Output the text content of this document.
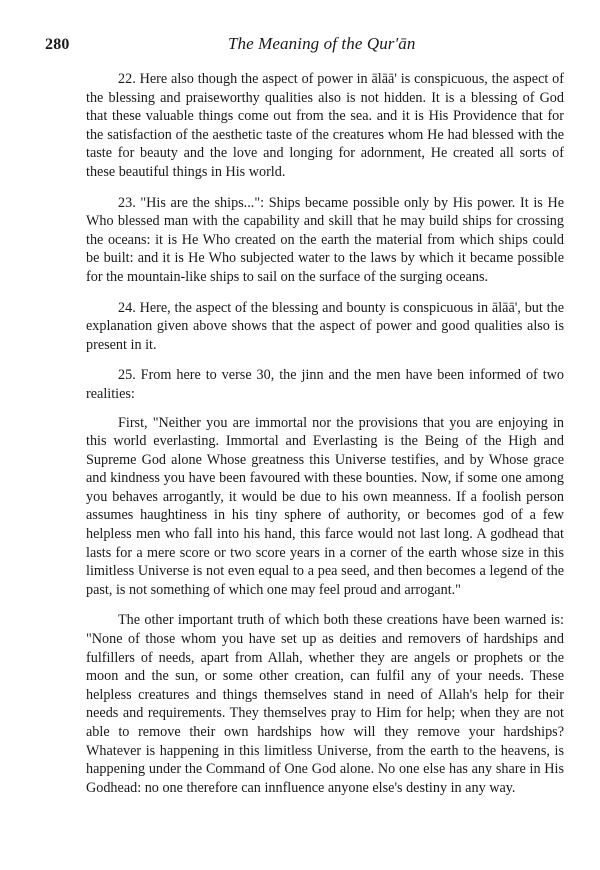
280	The Meaning of the Qur'ān

22. Here also though the aspect of power in ālāā' is conspicuous, the aspect of the blessing and praiseworthy qualities also is not hidden. It is a blessing of God that these valuable things come out from the sea. and it is His Providence that for the satisfaction of the aesthetic taste of the creatures whom He had blessed with the taste for beauty and the love and longing for adornment, He created all sorts of these beautiful things in His world.

23. "His are the ships...": Ships became possible only by His power. It is He Who blessed man with the capability and skill that he may build ships for crossing the oceans: it is He Who created on the earth the material from which ships could be built: and it is He Who subjected water to the laws by which it became possible for the mountain-like ships to sail on the surface of the surging oceans.

24. Here, the aspect of the blessing and bounty is conspicuous in ālāā', but the explanation given above shows that the aspect of power and good qualities also is present in it.

25. From here to verse 30, the jinn and the men have been informed of two realities:

First, "Neither you are immortal nor the provisions that you are enjoying in this world everlasting. Immortal and Everlasting is the Being of the High and Supreme God alone Whose greatness this Universe testifies, and by Whose grace and kindness you have been favoured with these bounties. Now, if some one among you behaves arrogantly, it would be due to his own meanness. If a foolish person assumes haughtiness in his tiny sphere of authority, or becomes god of a few helpless men who fall into his hand, this farce would not last long. A godhead that lasts for a mere score or two score years in a corner of the earth whose size in this limitless Universe is not even equal to a pea seed, and then becomes a legend of the past, is not something of which one may feel proud and arrogant."

The other important truth of which both these creations have been warned is: "None of those whom you have set up as deities and removers of hardships and fulfillers of needs, apart from Allah, whether they are angels or prophets or the moon and the sun, or some other creation, can fulfil any of your needs. These helpless creatures and things themselves stand in need of Allah's help for their needs and requirements. They themselves pray to Him for help; when they are not able to remove their own hardships how will they remove your hardships? Whatever is happening in this limitless Universe, from the earth to the heavens, is happening under the Command of One God alone. No one else has any share in His Godhead: no one therefore can innfluence anyone else's destiny in any way.
